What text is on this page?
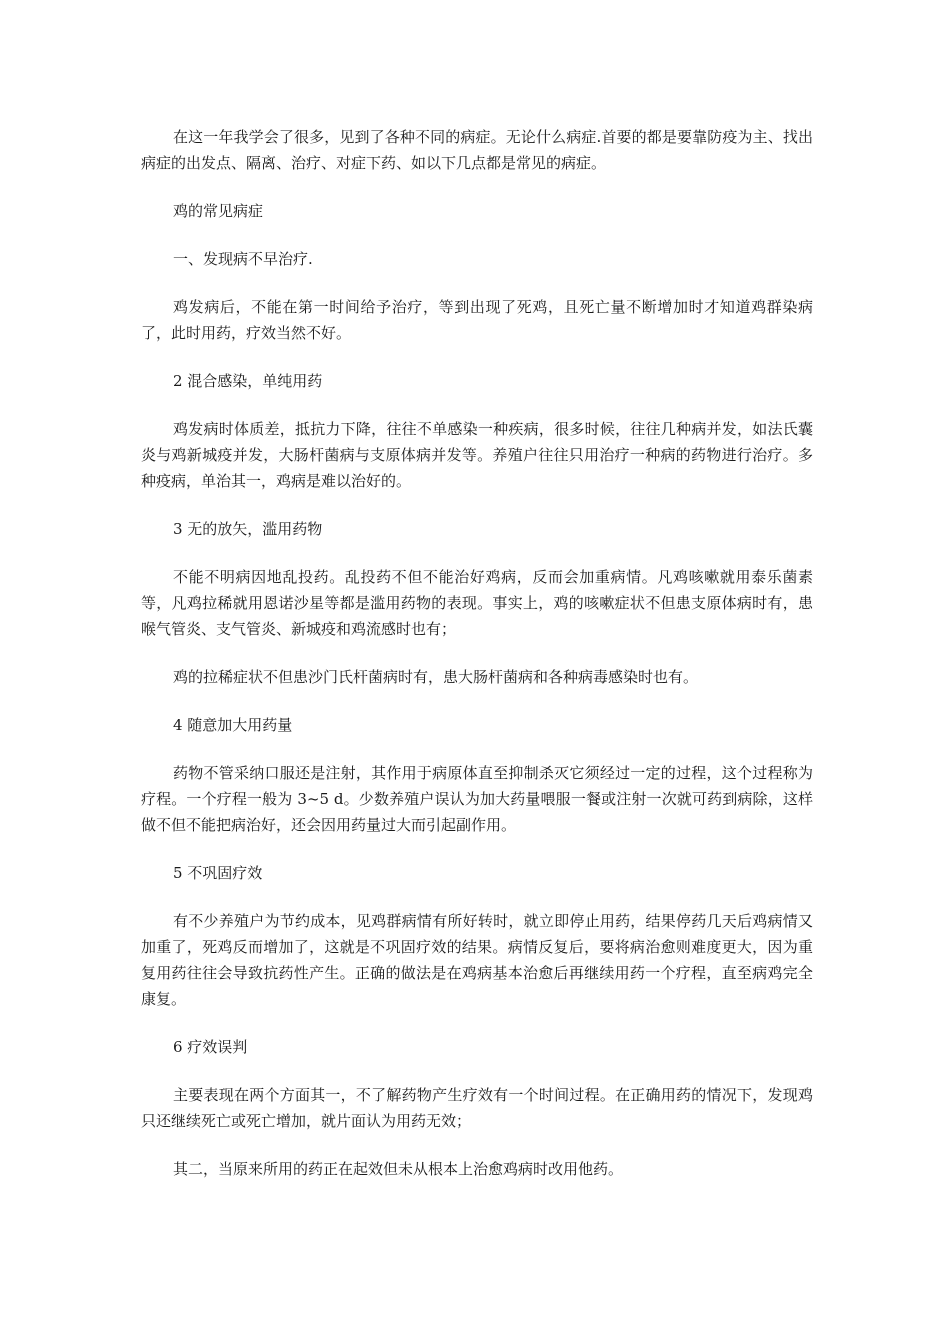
在这一年我学会了很多，见到了各种不同的病症。无论什么病症.首要的都是要靠防疫为主、找出病症的出发点、隔离、治疗、对症下药、如以下几点都是常见的病症。

鸡的常见病症

一、发现病不早治疗.

鸡发病后，不能在第一时间给予治疗，等到出现了死鸡，且死亡量不断增加时才知道鸡群染病了，此时用药，疗效当然不好。

2 混合感染，单纯用药

鸡发病时体质差，抵抗力下降，往往不单感染一种疾病，很多时候，往往几种病并发，如法氏囊炎与鸡新城疫并发，大肠杆菌病与支原体病并发等。养殖户往往只用治疗一种病的药物进行治疗。多种疫病，单治其一，鸡病是难以治好的。

3 无的放矢，滥用药物

不能不明病因地乱投药。乱投药不但不能治好鸡病，反而会加重病情。凡鸡咳嗽就用泰乐菌素等，凡鸡拉稀就用恩诺沙星等都是滥用药物的表现。事实上，鸡的咳嗽症状不但患支原体病时有，患喉气管炎、支气管炎、新城疫和鸡流感时也有；

鸡的拉稀症状不但患沙门氏杆菌病时有，患大肠杆菌病和各种病毒感染时也有。

4 随意加大用药量

药物不管采纳口服还是注射，其作用于病原体直至抑制杀灭它须经过一定的过程，这个过程称为疗程。一个疗程一般为 3~5 d。少数养殖户误认为加大药量喂服一餐或注射一次就可药到病除，这样做不但不能把病治好，还会因用药量过大而引起副作用。

5 不巩固疗效

有不少养殖户为节约成本，见鸡群病情有所好转时，就立即停止用药，结果停药几天后鸡病情又加重了，死鸡反而增加了，这就是不巩固疗效的结果。病情反复后，要将病治愈则难度更大，因为重复用药往往会导致抗药性产生。正确的做法是在鸡病基本治愈后再继续用药一个疗程，直至病鸡完全康复。

6 疗效误判

主要表现在两个方面其一，不了解药物产生疗效有一个时间过程。在正确用药的情况下，发现鸡只还继续死亡或死亡增加，就片面认为用药无效；

其二，当原来所用的药正在起效但未从根本上治愈鸡病时改用他药。
